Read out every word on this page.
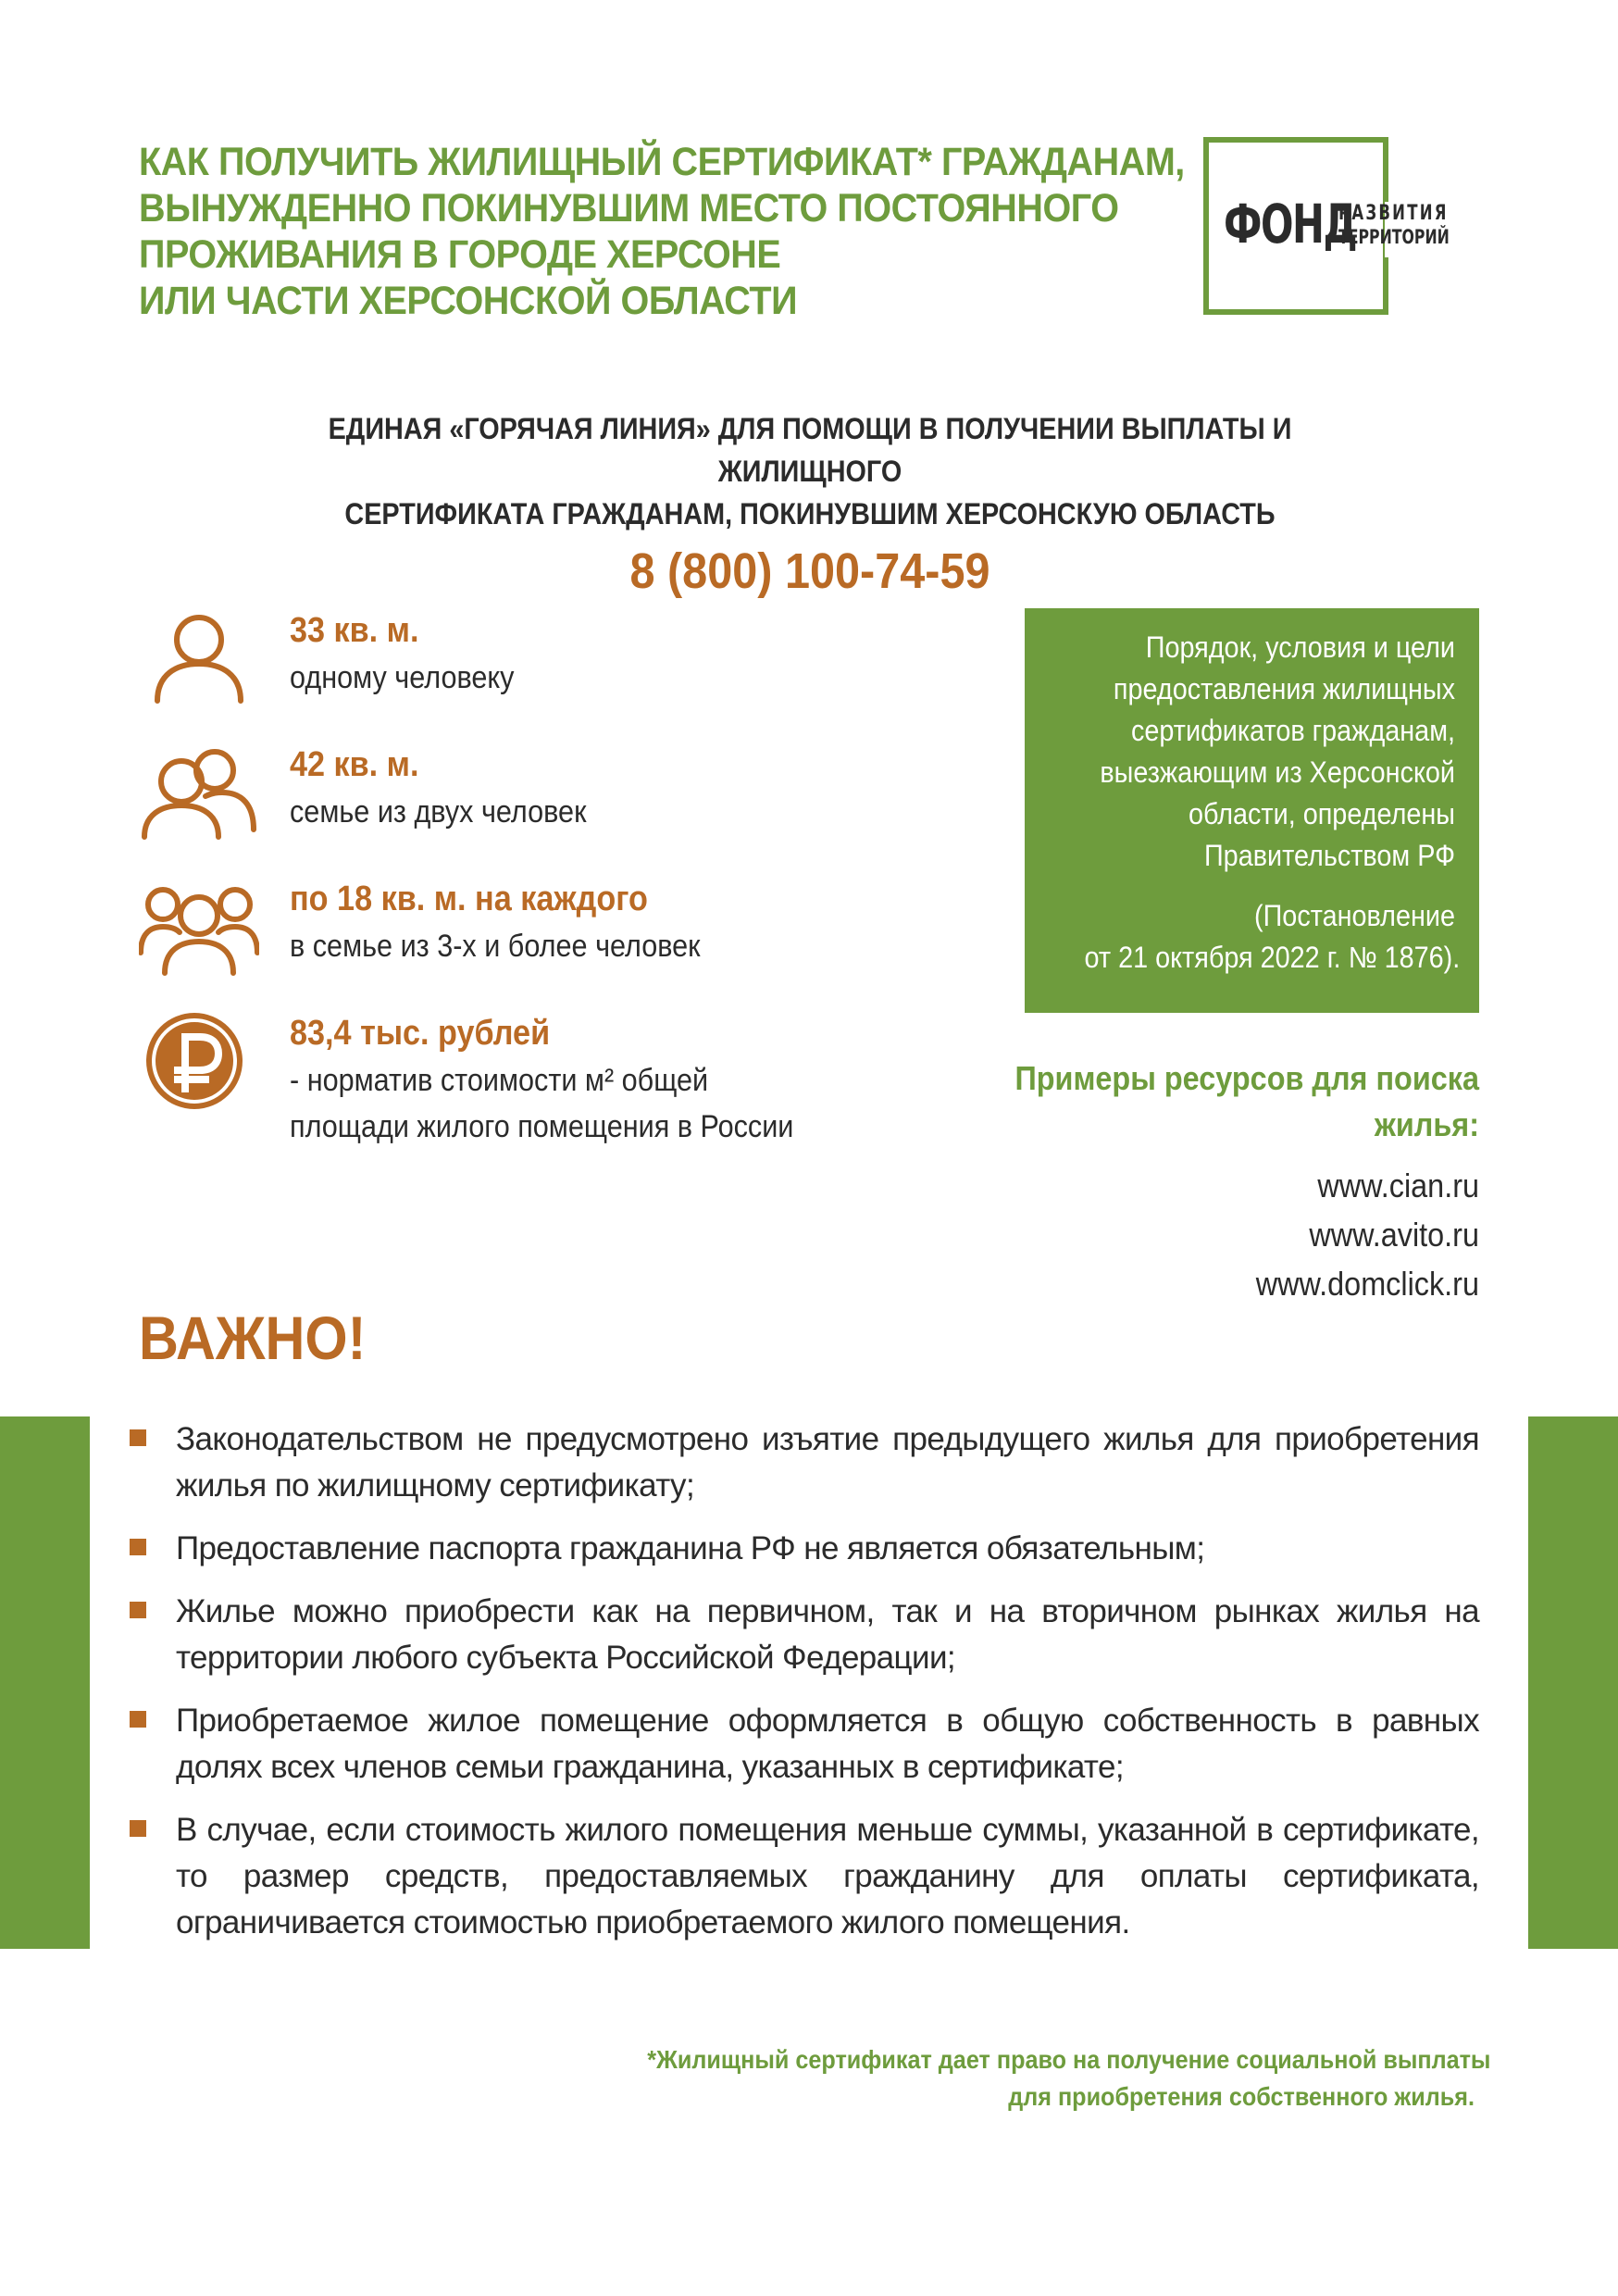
КАК ПОЛУЧИТЬ ЖИЛИЩНЫЙ СЕРТИФИКАТ* ГРАЖДАНАМ,
ВЫНУЖДЕННО ПОКИНУВШИМ МЕСТО ПОСТОЯННОГО
ПРОЖИВАНИЯ В ГОРОДЕ ХЕРСОНЕ
ИЛИ ЧАСТИ ХЕРСОНСКОЙ ОБЛАСТИ
ФОНД
РАЗВИТИЯ
ТЕРРИТОРИЙ
ЕДИНАЯ «ГОРЯЧАЯ ЛИНИЯ» ДЛЯ ПОМОЩИ В ПОЛУЧЕНИИ ВЫПЛАТЫ И ЖИЛИЩНОГО
СЕРТИФИКАТА ГРАЖДАНАМ, ПОКИНУВШИМ ХЕРСОНСКУЮ ОБЛАСТЬ
8 (800) 100-74-59
33 кв. м.
одному человеку
42 кв. м.
семье из двух человек
по 18 кв. м. на каждого
в семье из 3-х и более человек
83,4 тыс. рублей
- норматив стоимости м² общей
площади жилого помещения в России
Порядок, условия и цели
предоставления жилищных
сертификатов гражданам,
выезжающим из Херсонской
области, определены
Правительством РФ
(Постановление
от 21 октября 2022 г. № 1876).
Примеры ресурсов для поиска
жилья:
www.cian.ru
www.avito.ru
www.domclick.ru
ВАЖНО!
Законодательством не предусмотрено изъятие предыдущего жилья для приобретения жилья по жилищному сертификату;
Предоставление паспорта гражданина РФ не является обязательным;
Жилье можно приобрести как на первичном, так и на вторичном рынках жилья на территории любого субъекта Российской Федерации;
Приобретаемое жилое помещение оформляется в общую собственность в равных долях всех членов семьи гражданина, указанных в сертификате;
В случае, если стоимость жилого помещения меньше суммы, указанной в сертификате, то размер средств, предоставляемых гражданину для оплаты сертификата, ограничивается стоимостью приобретаемого жилого помещения.
*Жилищный сертификат дает право на получение социальной выплаты
для приобретения собственного жилья.
